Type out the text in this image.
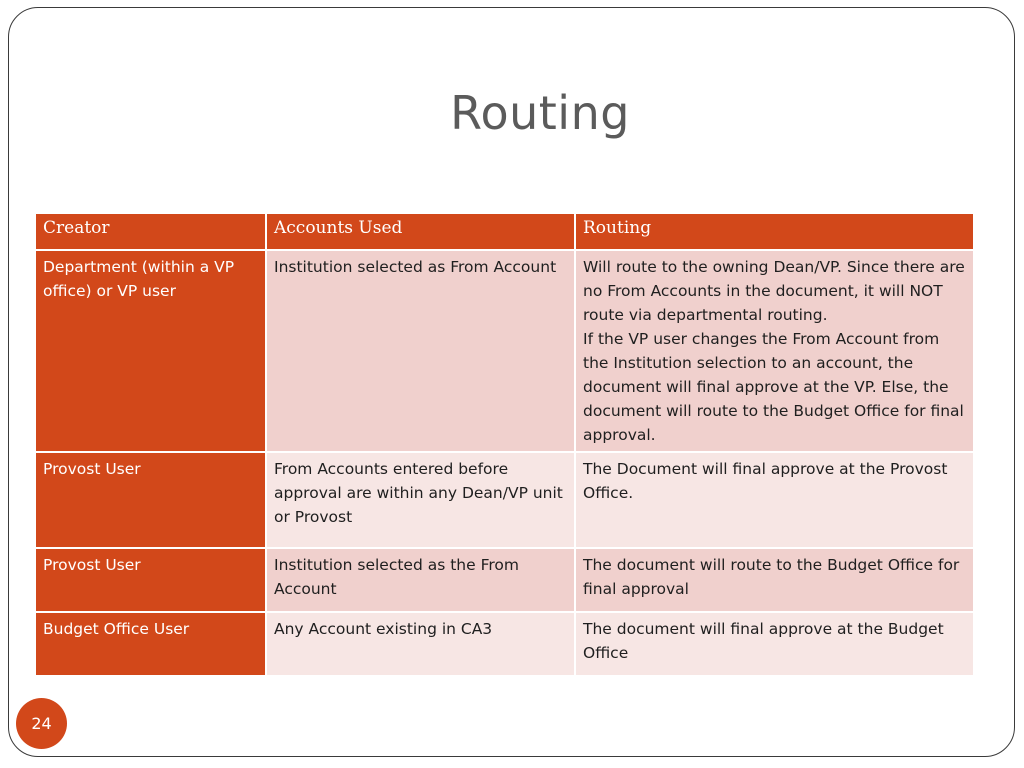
Routing
Creator	Accounts Used	Routing
Department (within a VP office) or VP user	Institution selected as From Account	Will route to the owning Dean/VP. Since there are no From Accounts in the document, it will NOT route via departmental routing.
If the VP user changes the From Account from the Institution selection to an account, the document will final approve at the VP. Else, the document will route to the Budget Office for final approval.

Provost User	From Accounts entered before approval are within any Dean/VP unit or Provost	The Document will final approve at the Provost Office.

Provost User	Institution selected as the From Account	The document will route to the Budget Office for final approval

Budget Office User	Any Account existing in CA3	The document will final approve at the Budget Office
24
